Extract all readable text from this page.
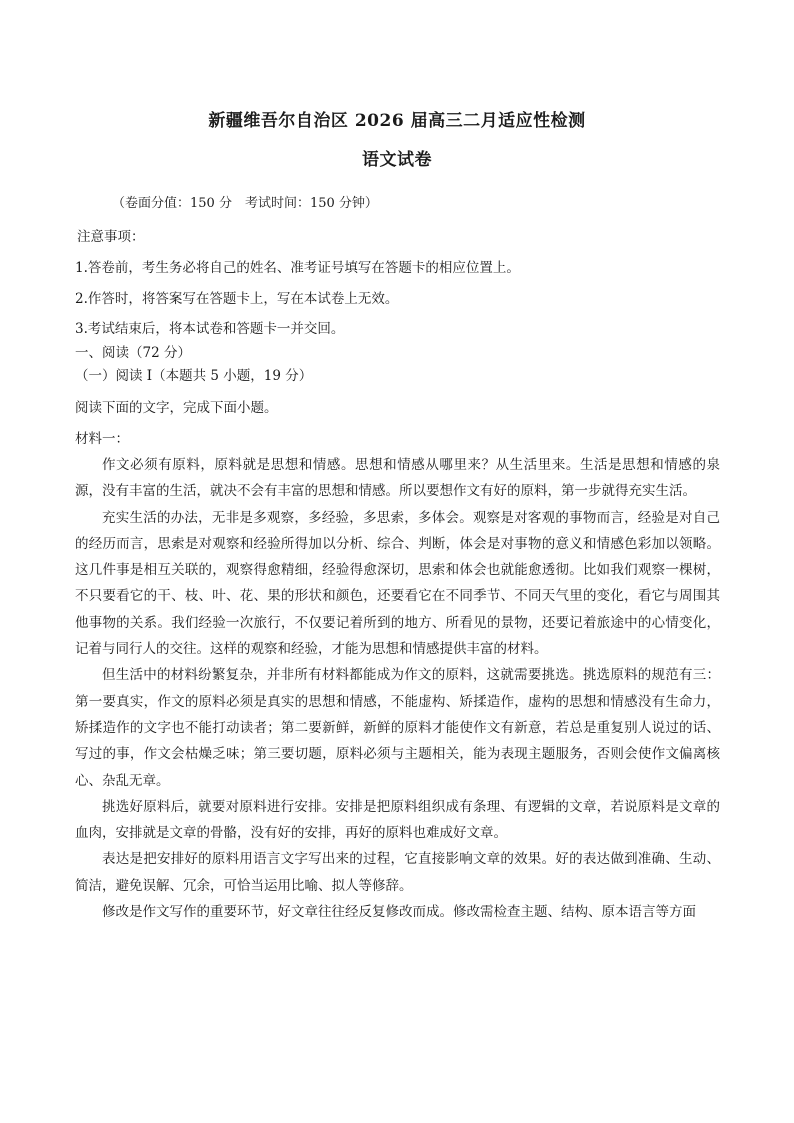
新疆维吾尔自治区 2026 届高三二月适应性检测
语文试卷
（卷面分值：150 分　考试时间：150 分钟）
注意事项：
1.答卷前，考生务必将自己的姓名、准考证号填写在答题卡的相应位置上。
2.作答时，将答案写在答题卡上，写在本试卷上无效。
3.考试结束后，将本试卷和答题卡一并交回。
一、阅读（72 分）
（一）阅读 Ⅰ（本题共 5 小题，19 分）
阅读下面的文字，完成下面小题。
材料一：

作文必须有原料，原料就是思想和情感。思想和情感从哪里来？从生活里来。生活是思想和情感的泉源，没有丰富的生活，就决不会有丰富的思想和情感。所以要想作文有好的原料，第一步就得充实生活。

充实生活的办法，无非是多观察，多经验，多思索，多体会。观察是对客观的事物而言，经验是对自己的经历而言，思索是对观察和经验所得加以分析、综合、判断，体会是对事物的意义和情感色彩加以领略。这几件事是相互关联的，观察得愈精细，经验得愈深切，思索和体会也就能愈透彻。比如我们观察一棵树，不只要看它的干、枝、叶、花、果的形状和颜色，还要看它在不同季节、不同天气里的变化，看它与周围其他事物的关系。我们经验一次旅行，不仅要记着所到的地方、所看见的景物，还要记着旅途中的心情变化，记着与同行人的交往。这样的观察和经验，才能为思想和情感提供丰富的材料。

但生活中的材料纷繁复杂，并非所有材料都能成为作文的原料，这就需要挑选。挑选原料的规范有三：第一要真实，作文的原料必须是真实的思想和情感，不能虚构、矫揉造作，虚构的思想和情感没有生命力，矫揉造作的文字也不能打动读者；第二要新鲜，新鲜的原料才能使作文有新意，若总是重复别人说过的话、写过的事，作文会枯燥乏味；第三要切题，原料必须与主题相关，能为表现主题服务，否则会使作文偏离核心、杂乱无章。

挑选好原料后，就要对原料进行安排。安排是把原料组织成有条理、有逻辑的文章，若说原料是文章的血肉，安排就是文章的骨骼，没有好的安排，再好的原料也难成好文章。

表达是把安排好的原料用语言文字写出来的过程，它直接影响文章的效果。好的表达做到准确、生动、简洁，避免误解、冗余，可恰当运用比喻、拟人等修辞。

修改是作文写作的重要环节，好文章往往经反复修改而成。修改需检查主题、结构、原本语言等方面
